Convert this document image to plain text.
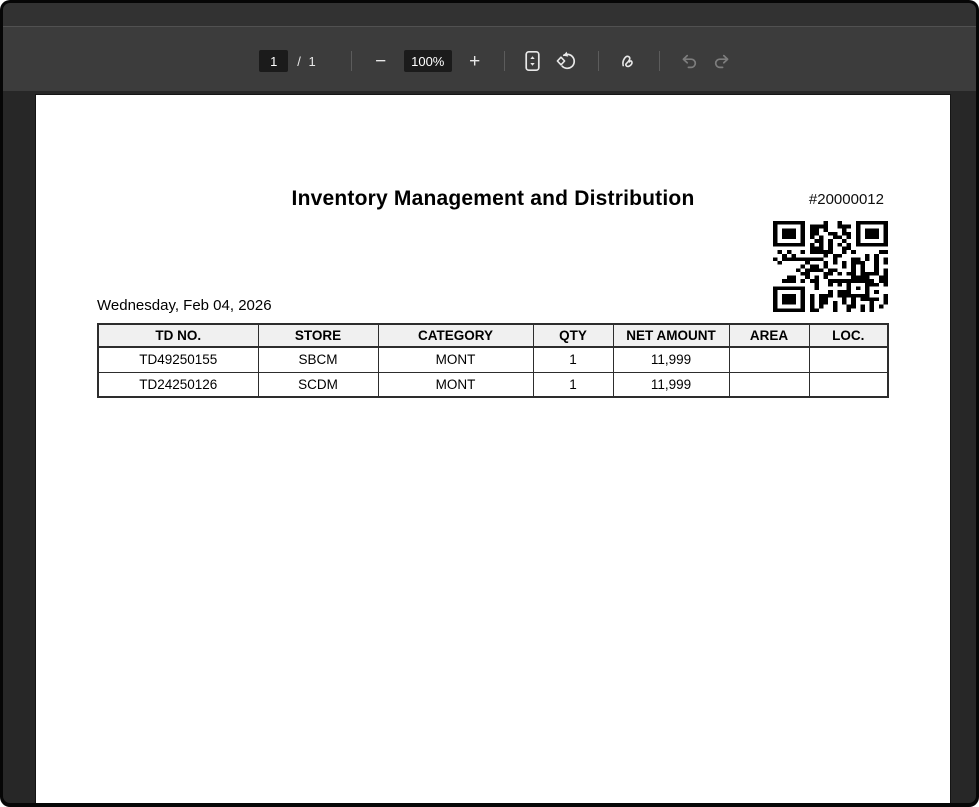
1
/ 1	−	100%	+
Inventory Management and Distribution	#20000012
Wednesday, Feb 04, 2026
TD NO.	STORE	CATEGORY	QTY	NET AMOUNT	AREA	LOC.
TD49250155	SBCM	MONT	1	11,999		
TD24250126	SCDM	MONT	1	11,999		
